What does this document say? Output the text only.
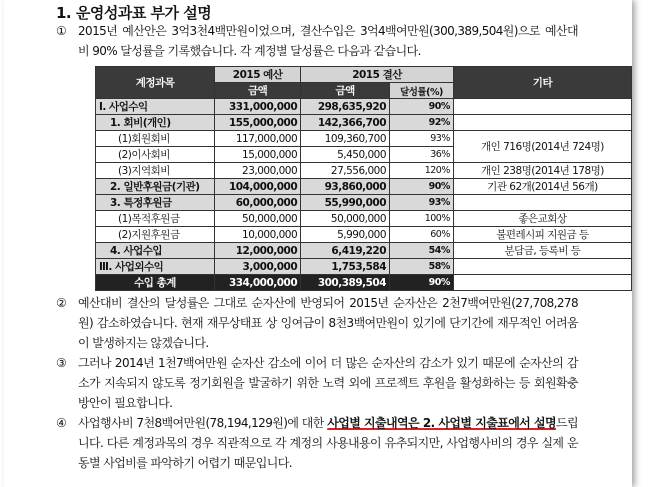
1. 운영성과표 부가 설명
① 2015년 예산안은 3억3천4백만원이었으며, 결산수입은 3억4백여만원(300,389,504원)으로 예산대비 90% 달성률을 기록했습니다. 각 계정별 달성률은 다음과 같습니다.
계정과목	2015 예산	2015 결산		기타
	금액	금액	달성률(%)	
Ⅰ. 사업수익	331,000,000	298,635,920	90%	
1. 회비(개인)	155,000,000	142,366,700	92%	
(1)회원회비	117,000,000	109,360,700	93%	개인 716명(2014년 724명)
(2)이사회비	15,000,000	5,450,000	36%	
(3)지역회비	23,000,000	27,556,000	120%	개인 238명(2014년 178명)
2. 일반후원금(기관)	104,000,000	93,860,000	90%	기관 62개(2014년 56개)
3. 특정후원금	60,000,000	55,990,000	93%	
(1)목적후원금	50,000,000	50,000,000	100%	좋은교회상
(2)지원후원금	10,000,000	5,990,000	60%	불편레시피 지원금 등
4. 사업수입	12,000,000	6,419,220	54%	분담금, 등록비 등
Ⅲ. 사업외수익	3,000,000	1,753,584	58%	
수입 총계	334,000,000	300,389,504	90%	
② 예산대비 결산의 달성률은 그대로 순자산에 반영되어 2015년 순자산은 2천7백여만원(27,708,278원) 감소하였습니다. 현재 재무상태표 상 잉여금이 8천3백여만원이 있기에 단기간에 재무적인 어려움이 발생하지는 않겠습니다.
③ 그러나 2014년 1천7백여만원 순자산 감소에 이어 더 많은 순자산의 감소가 있기 때문에 순자산의 감소가 지속되지 않도록 정기회원을 발굴하기 위한 노력 외에 프로젝트 후원을 활성화하는 등 회원확충 방안이 필요합니다.
④ 사업행사비 7천8백여만원(78,194,129원)에 대한 사업별 지출내역은 2. 사업별 지출표에서 설명드립니다. 다른 계정과목의 경우 직관적으로 각 계정의 사용내용이 유추되지만, 사업행사비의 경우 실제 운동별 사업비를 파악하기 어렵기 때문입니다.
